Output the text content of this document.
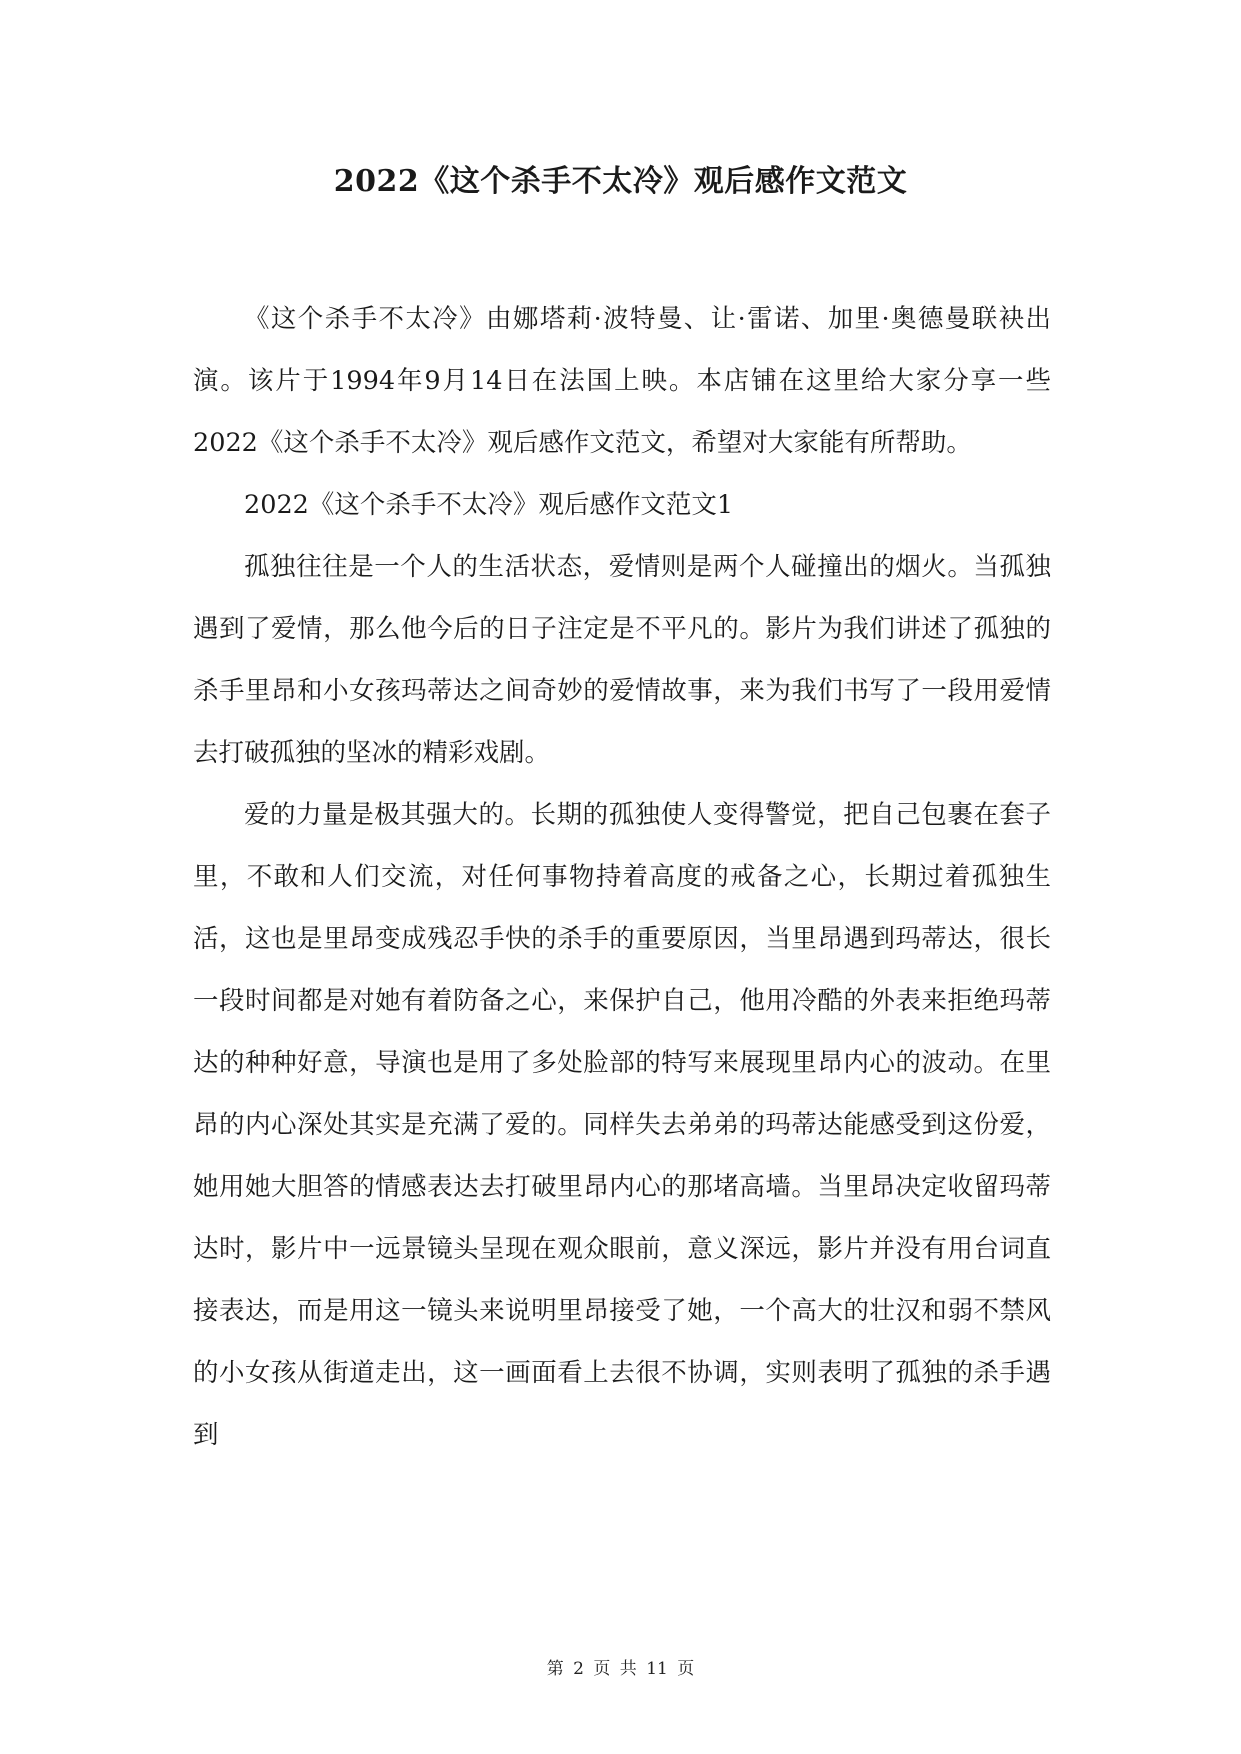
2022《这个杀手不太冷》观后感作文范文

《这个杀手不太冷》由娜塔莉·波特曼、让·雷诺、加里·奥德曼联袂出演。该片于1994年9月14日在法国上映。本店铺在这里给大家分享一些2022《这个杀手不太冷》观后感作文范文，希望对大家能有所帮助。

2022《这个杀手不太冷》观后感作文范文1

孤独往往是一个人的生活状态，爱情则是两个人碰撞出的烟火。当孤独遇到了爱情，那么他今后的日子注定是不平凡的。影片为我们讲述了孤独的杀手里昂和小女孩玛蒂达之间奇妙的爱情故事，来为我们书写了一段用爱情去打破孤独的坚冰的精彩戏剧。

爱的力量是极其强大的。长期的孤独使人变得警觉，把自己包裹在套子里，不敢和人们交流，对任何事物持着高度的戒备之心，长期过着孤独生活，这也是里昂变成残忍手快的杀手的重要原因，当里昂遇到玛蒂达，很长一段时间都是对她有着防备之心，来保护自己，他用冷酷的外表来拒绝玛蒂达的种种好意，导演也是用了多处脸部的特写来展现里昂内心的波动。在里昂的内心深处其实是充满了爱的。同样失去弟弟的玛蒂达能感受到这份爱，她用她大胆答的情感表达去打破里昂内心的那堵高墙。当里昂决定收留玛蒂达时，影片中一远景镜头呈现在观众眼前，意义深远，影片并没有用台词直接表达，而是用这一镜头来说明里昂接受了她，一个高大的壮汉和弱不禁风的小女孩从街道走出，这一画面看上去很不协调，实则表明了孤独的杀手遇到

第 2 页 共 11 页
